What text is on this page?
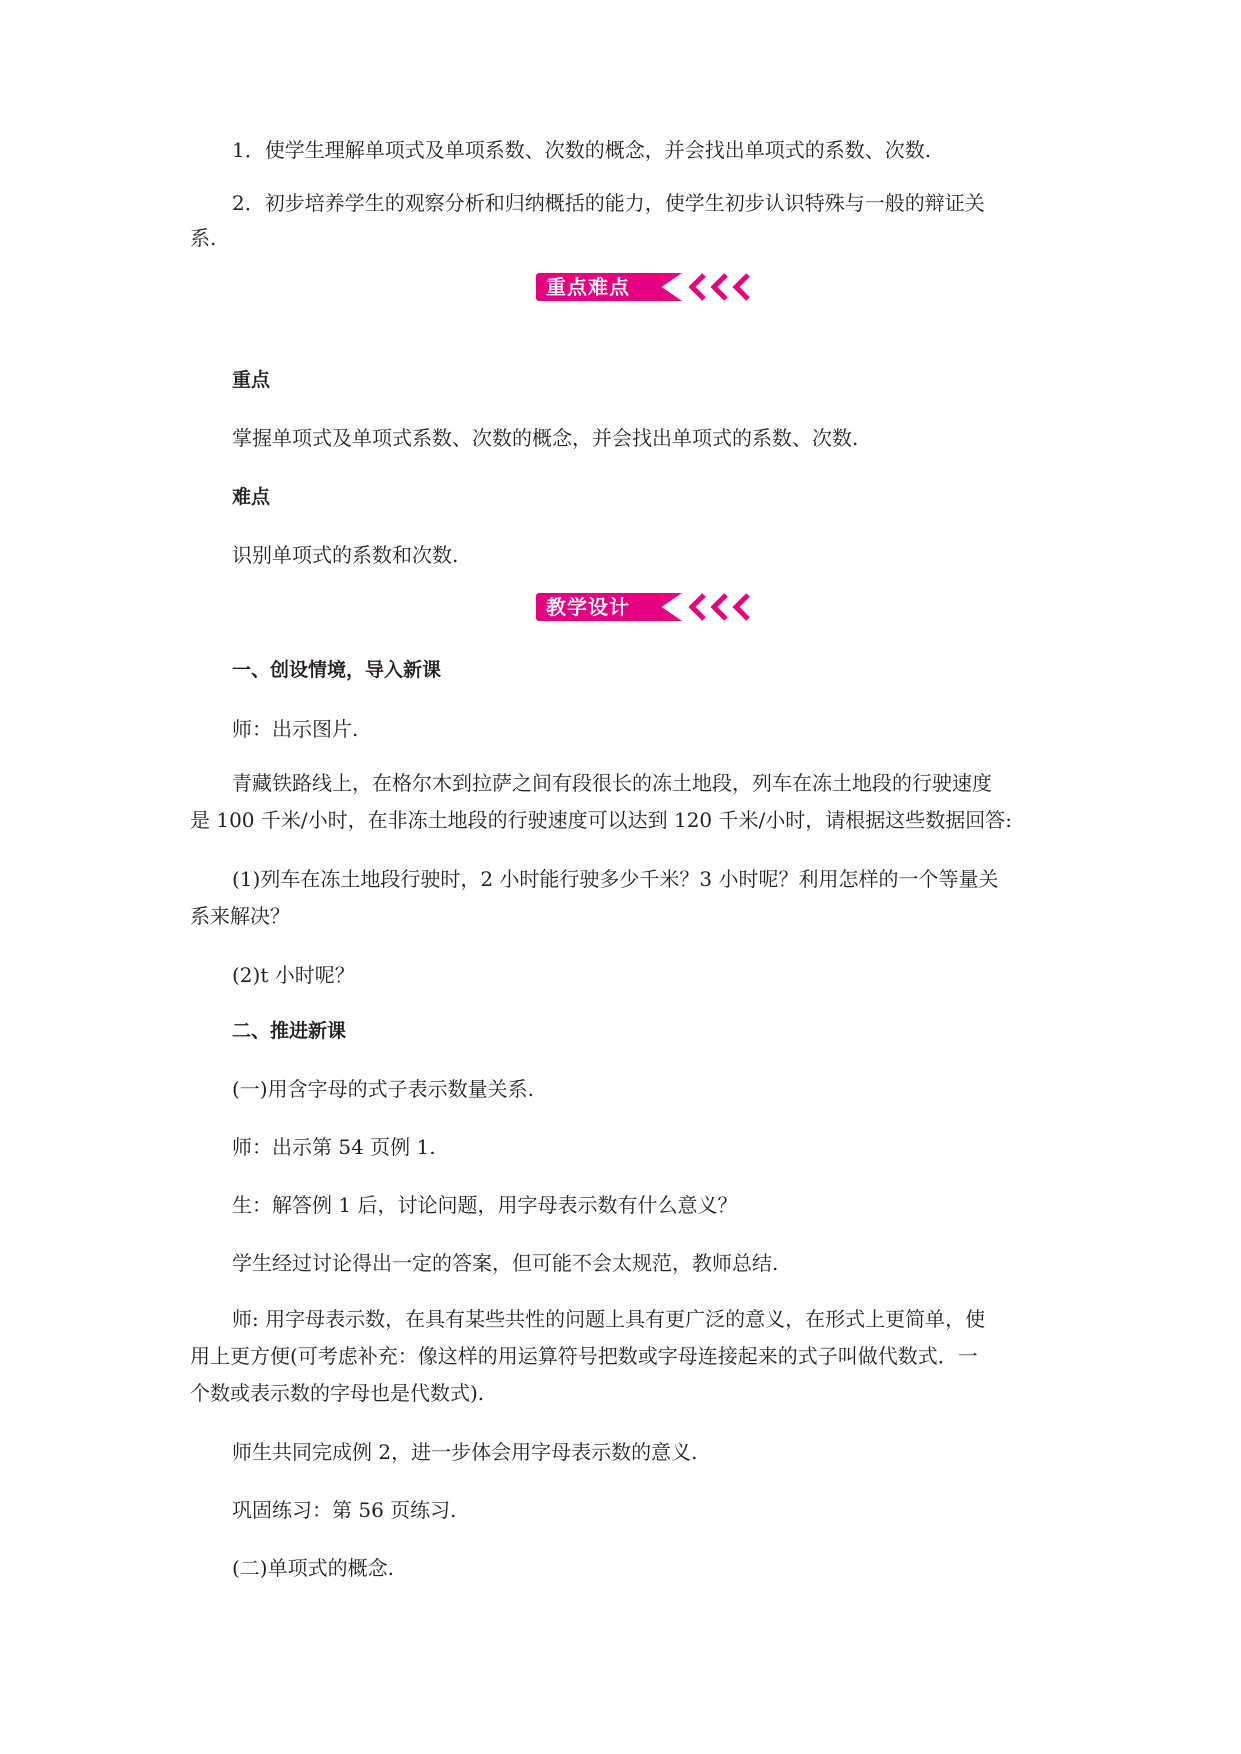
1．使学生理解单项式及单项系数、次数的概念，并会找出单项式的系数、次数.
2．初步培养学生的观察分析和归纳概括的能力，使学生初步认识特殊与一般的辩证关
系.
重点难点
重点
掌握单项式及单项式系数、次数的概念，并会找出单项式的系数、次数.
难点
识别单项式的系数和次数.
教学设计
一、创设情境，导入新课
师：出示图片.
青藏铁路线上，在格尔木到拉萨之间有段很长的冻土地段，列车在冻土地段的行驶速度
是 100 千米/小时，在非冻土地段的行驶速度可以达到 120 千米/小时，请根据这些数据回答:
(1)列车在冻土地段行驶时，2 小时能行驶多少千米？3 小时呢？利用怎样的一个等量关
系来解决？
(2)t 小时呢？
二、推进新课
(一)用含字母的式子表示数量关系.
师：出示第 54 页例 1.
生：解答例 1 后，讨论问题，用字母表示数有什么意义？
学生经过讨论得出一定的答案，但可能不会太规范，教师总结.
师: 用字母表示数，在具有某些共性的问题上具有更广泛的意义，在形式上更简单，使
用上更方便(可考虑补充：像这样的用运算符号把数或字母连接起来的式子叫做代数式．一
个数或表示数的字母也是代数式).
师生共同完成例 2，进一步体会用字母表示数的意义.
巩固练习：第 56 页练习.
(二)单项式的概念.
